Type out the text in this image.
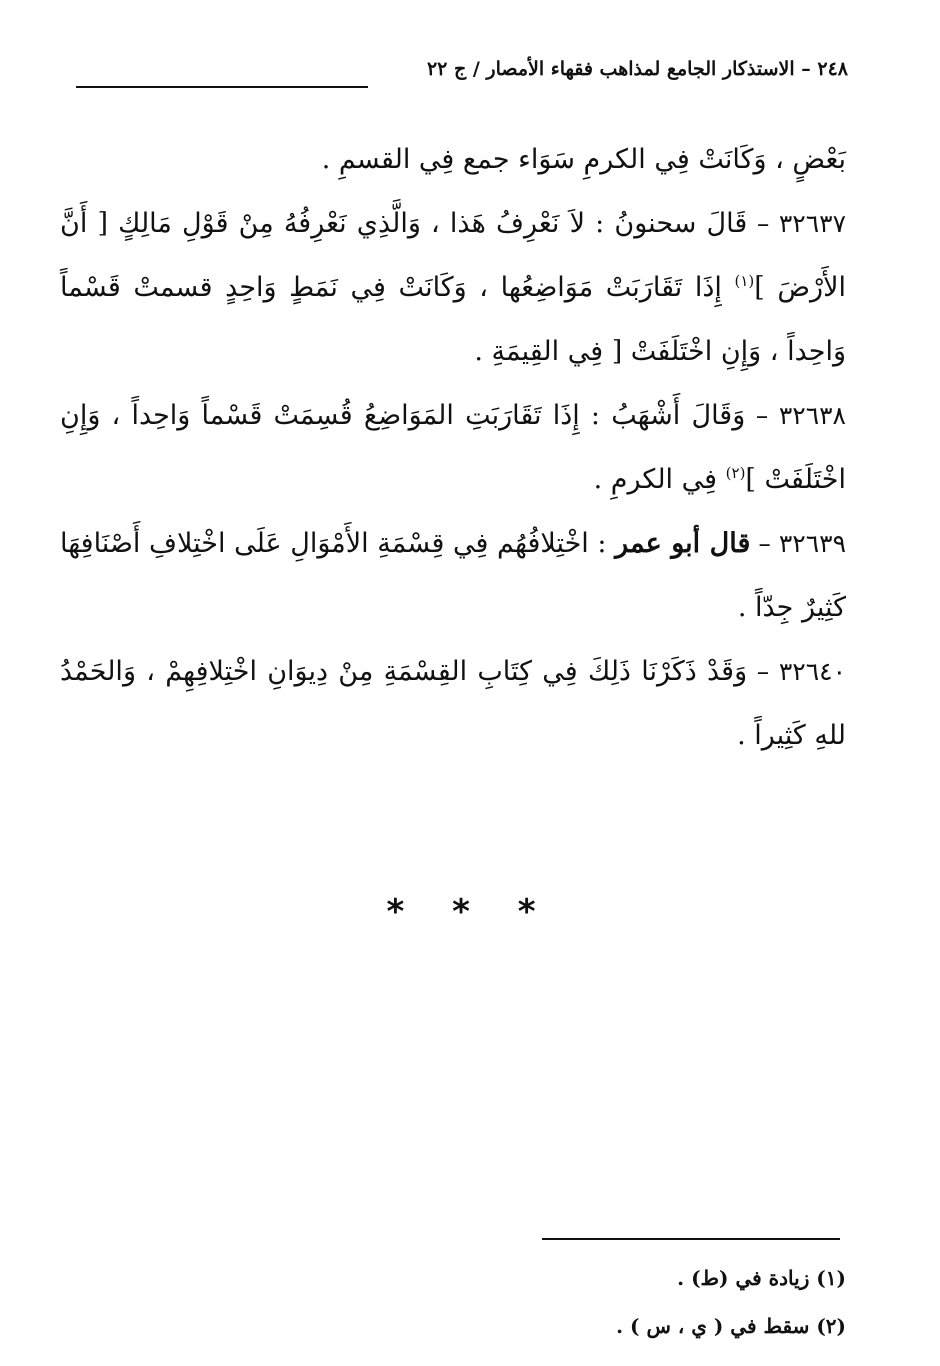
٢٤٨ – الاستذكار الجامع لمذاهب فقهاء الأمصار / ج ٢٢

بَعْضٍ ، وَكَانَتْ فِي الكرمِ سَوَاء جمع فِي القسمِ .

٣٢٦٣٧ – قَالَ سحنونُ : لاَ نَعْرِفُ هَذا ، وَالَّذِي نَعْرِفُهُ مِنْ قَوْلِ مَالِكٍ [ أَنَّ الأَرْضَ ]$^{(١)}$ إِذَا تَقَارَبَتْ مَوَاضِعُها ، وَكَانَتْ فِي نَمَطٍ وَاحِدٍ قسمتْ قَسْماً وَاحِداً ، وَإِنِ اخْتَلَفَتْ [ فِي القِيمَةِ .

٣٢٦٣٨ – وَقَالَ أَشْهَبُ : إِذَا تَقَارَبَتِ المَوَاضِعُ قُسِمَتْ قَسْماً وَاحِداً ، وَإِنِ اخْتَلَفَتْ ]$^{(٢)}$ فِي الكرمِ .

٣٢٦٣٩ – قال أبو عمر : اخْتِلافُهُم فِي قِسْمَةِ الأَمْوَالِ عَلَى اخْتِلافِ أَصْنَافِهَا كَثِيرٌ جِدّاً .

٣٢٦٤٠ – وَقَدْ ذَكَرْنَا ذَلِكَ فِي كِتَابِ القِسْمَةِ مِنْ دِيوَانِ اخْتِلافِهِمْ ، وَالحَمْدُ للهِ كَثِيراً .

* * *

(١) زيادة في (ط) .

(٢) سقط في ( ي ، س ) .
